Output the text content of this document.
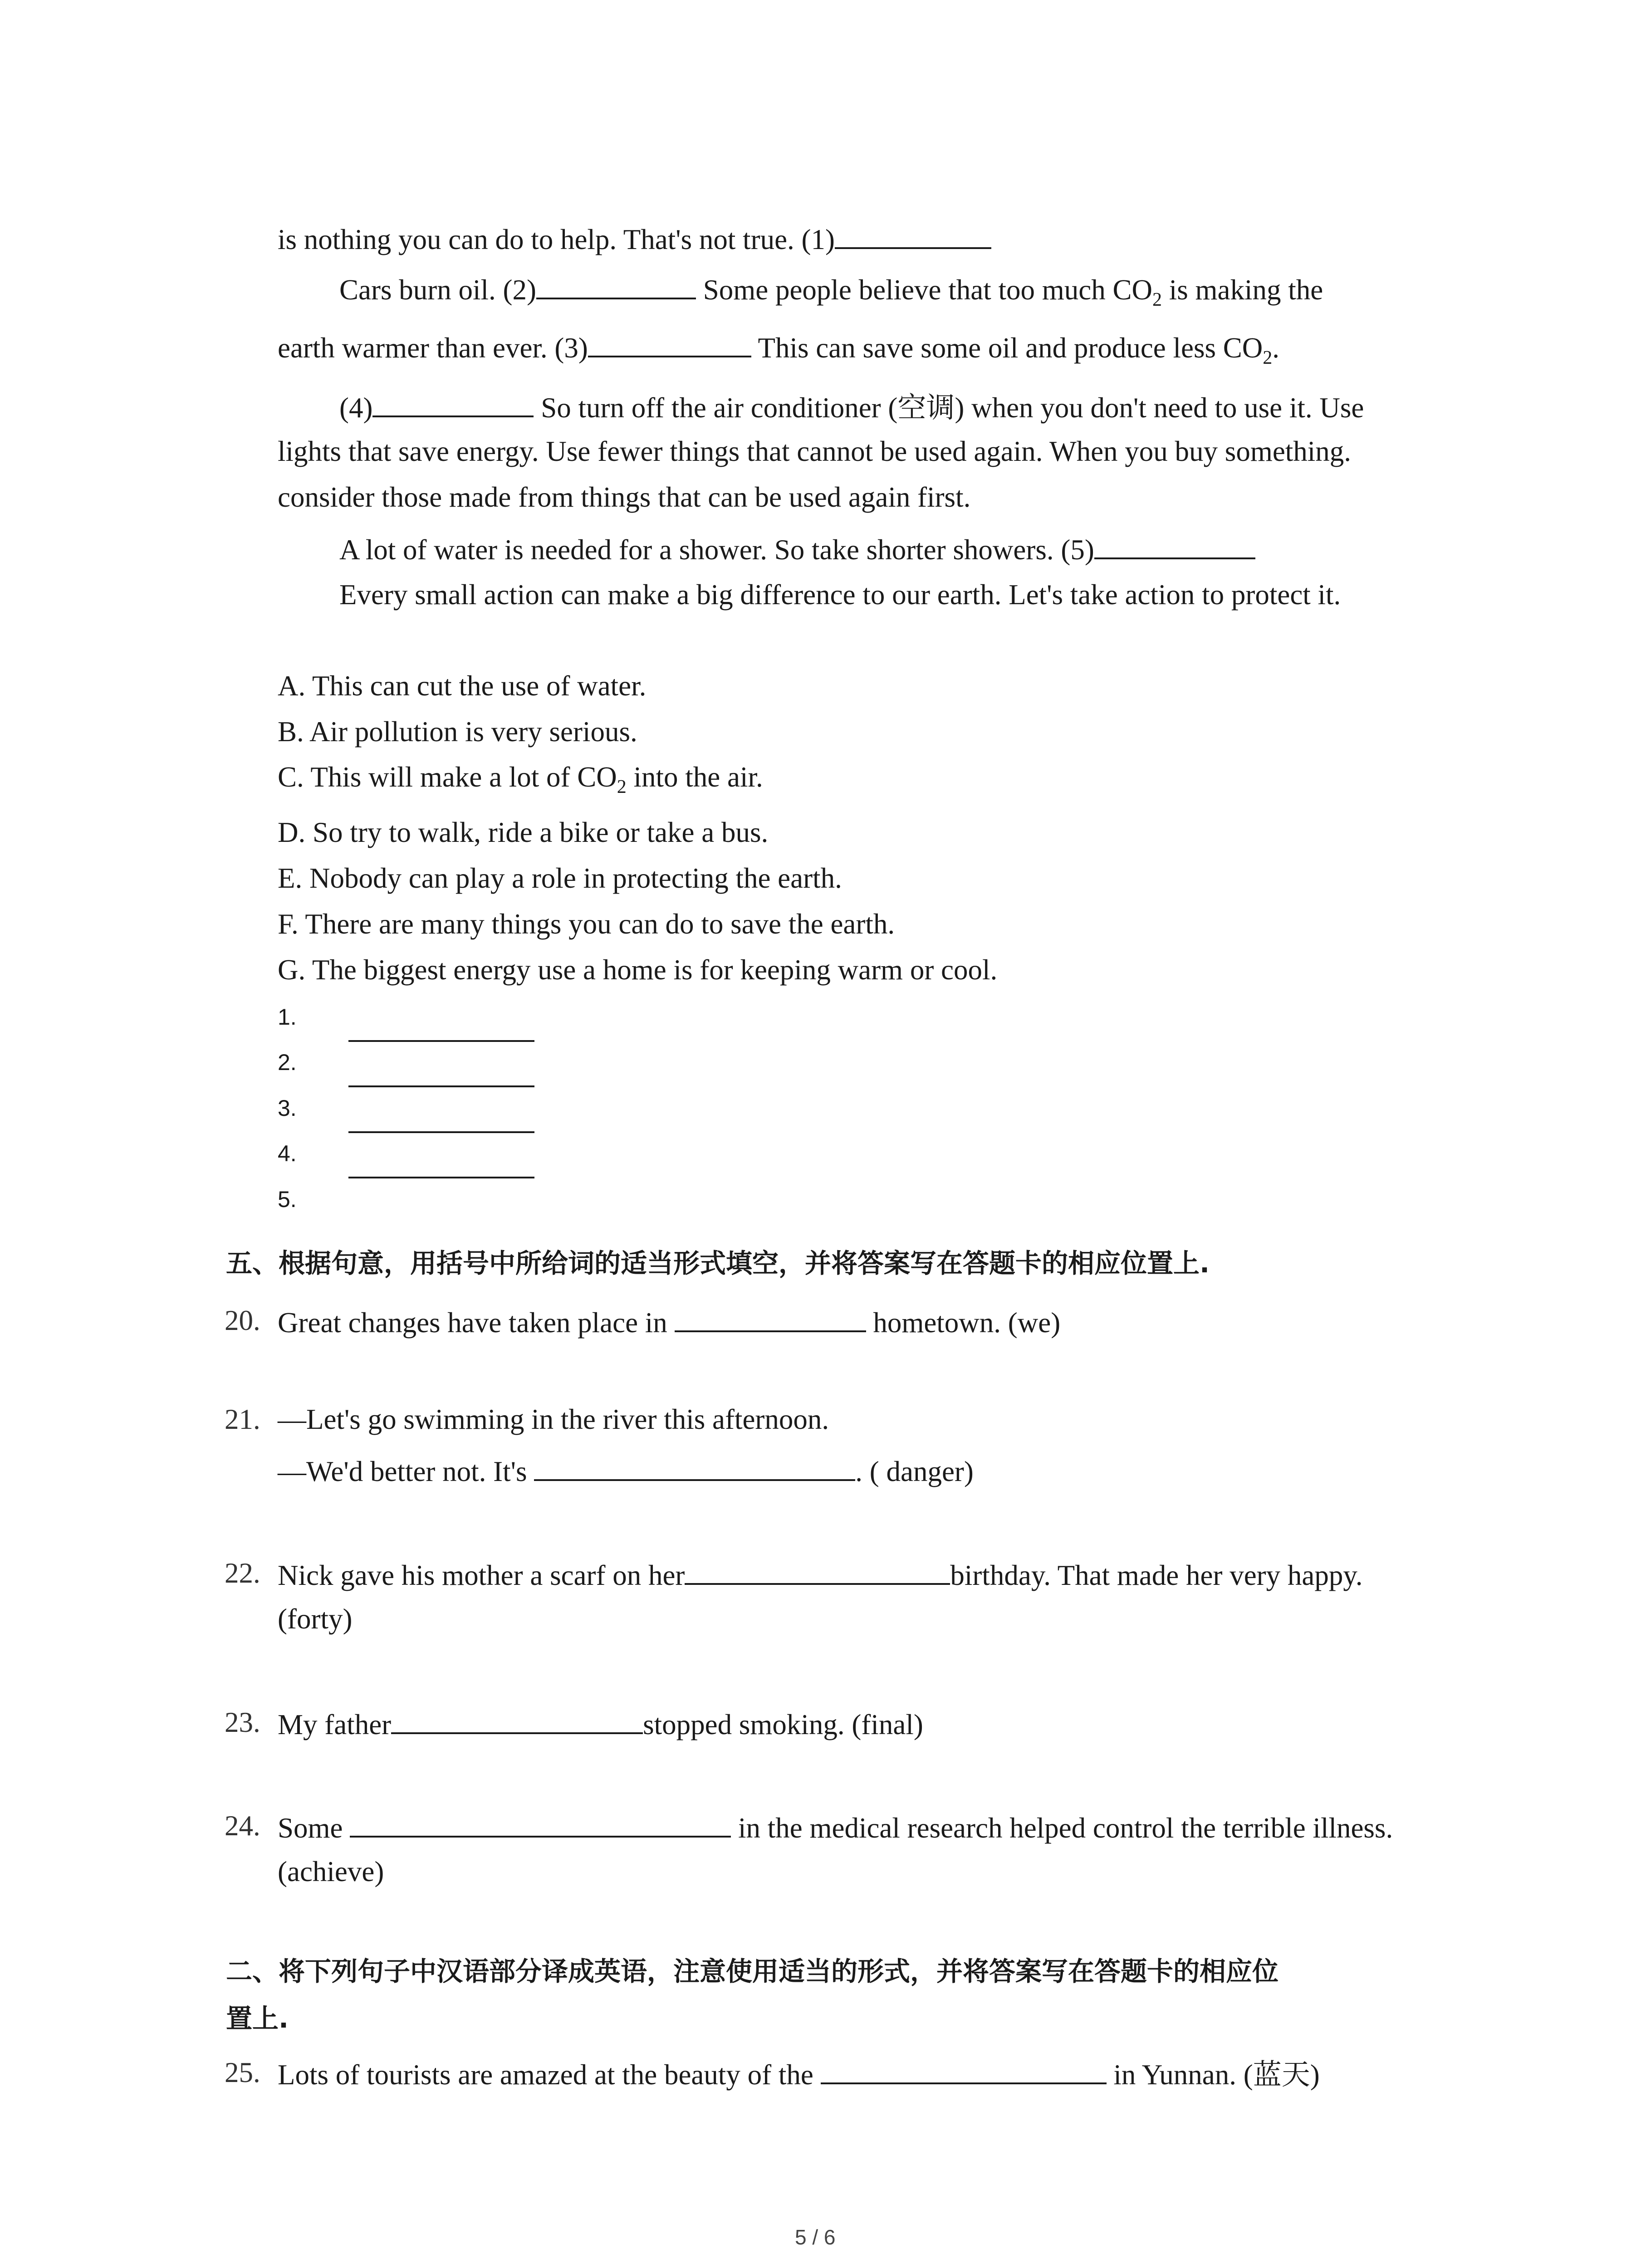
is nothing you can do to help. That's not true. (1)
Cars burn oil. (2)	Some people believe that too much $CO_2$ is making the
earth warmer than ever. (3)	This can save some oil and produce less $CO_2$.
(4)	So turn off the air conditioner (空调) when you don't need to use it. Use
lights that save energy. Use fewer things that cannot be used again. When you buy something.
consider those made from things that can be used again first.
A lot of water is needed for a shower. So take shorter showers. (5)
Every small action can make a big difference to our earth. Let's take action to protect it.
A. This can cut the use of water.
B. Air pollution is very serious.
C. This will make a lot of $CO_2$ into the air.
D. So try to walk, ride a bike or take a bus.
E. Nobody can play a role in protecting the earth.
F. There are many things you can do to save the earth.
G. The biggest energy use a home is for keeping warm or cool.
1.
2.
3.
4.
5.
五、根据句意，用括号中所给词的适当形式填空，并将答案写在答题卡的相应位置上.
20. Great changes have taken place in	hometown. (we)
21. —Let's go swimming in the river this afternoon.
—We'd better not. It's	. ( danger)
22. Nick gave his mother a scarf on her	birthday. That made her very happy.
(forty)
23. My father	stopped smoking. (final)
24. Some	in the medical research helped control the terrible illness.
(achieve)
二、将下列句子中汉语部分译成英语，注意使用适当的形式，并将答案写在答题卡的相应位
置上.
25. Lots of tourists are amazed at the beauty of the	in Yunnan. (蓝天)
5 / 6
